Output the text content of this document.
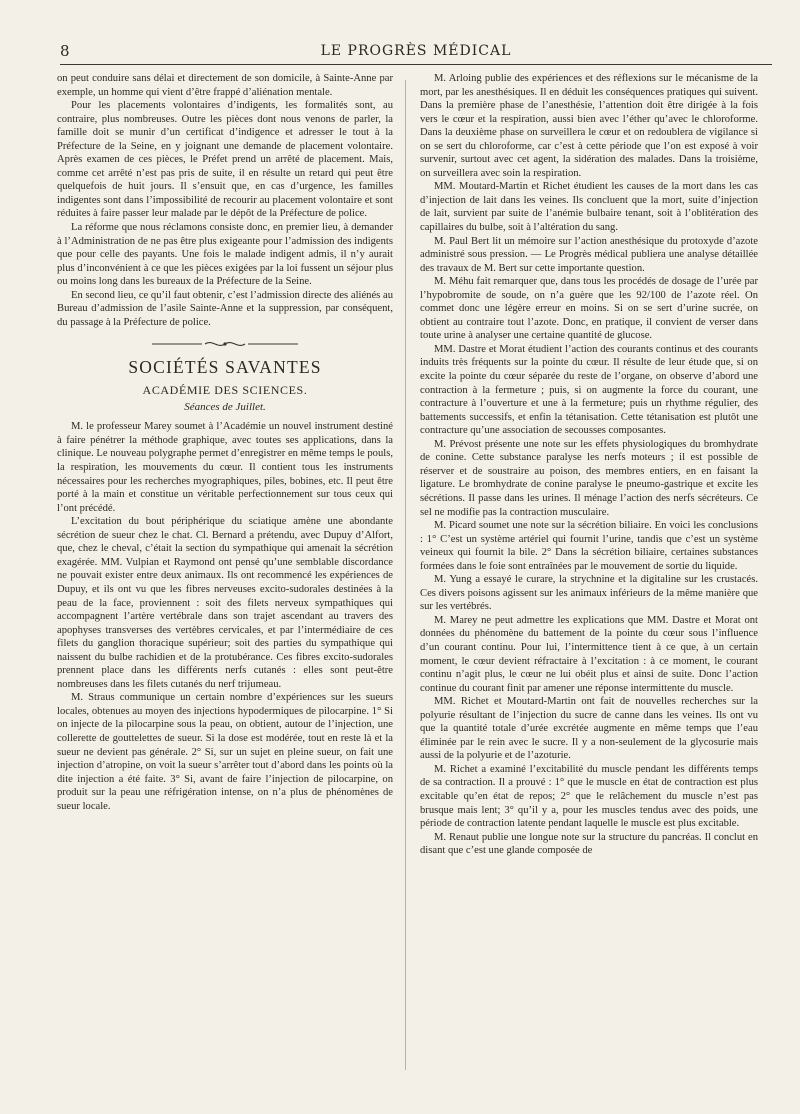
8	LE PROGRÈS MÉDICAL

on peut conduire sans délai et directement de son domicile, à Sainte-Anne par exemple, un homme qui vient d’être frappé d’aliénation mentale.

Pour les placements volontaires d’indigents, les formalités sont, au contraire, plus nombreuses. Outre les pièces dont nous venons de parler, la famille doit se munir d’un certificat d’indigence et adresser le tout à la Préfecture de la Seine, en y joignant une demande de placement volontaire. Après examen de ces pièces, le Préfet prend un arrêté de placement. Mais, comme cet arrêté n’est pas pris de suite, il en résulte un retard qui peut être quelquefois de huit jours. Il s’ensuit que, en cas d’urgence, les familles indigentes sont dans l’impossibilité de recourir au placement volontaire et sont réduites à faire passer leur malade par le dépôt de la Préfecture de police.

La réforme que nous réclamons consiste donc, en premier lieu, à demander à l’Administration de ne pas être plus exigeante pour l’admission des indigents que pour celle des payants. Une fois le malade indigent admis, il n’y aurait plus d’inconvénient à ce que les pièces exigées par la loi fussent un séjour plus ou moins long dans les bureaux de la Préfecture de la Seine.

En second lieu, ce qu’il faut obtenir, c’est l’admission directe des aliénés au Bureau d’admission de l’asile Sainte-Anne et la suppression, par conséquent, du passage à la Préfecture de police.

SOCIÉTÉS SAVANTES
ACADÉMIE DES SCIENCES.
Séances de Juillet.

M. le professeur Marey soumet à l’Académie un nouvel instrument destiné à faire pénétrer la méthode graphique, avec toutes ses applications, dans la clinique. Le nouveau polygraphe permet d’enregistrer en même temps le pouls, la respiration, les mouvements du cœur. Il contient tous les instruments nécessaires pour les recherches myographiques, piles, bobines, etc. Il peut être porté à la main et constitue un véritable perfectionnement sur tous ceux qui l’ont précédé.

L’excitation du bout périphérique du sciatique amène une abondante sécrétion de sueur chez le chat. Cl. Bernard a prétendu, avec Dupuy d’Alfort, que, chez le cheval, c’était la section du sympathique qui amenait la sécrétion exagérée. MM. Vulpian et Raymond ont pensé qu’une semblable discordance ne pouvait exister entre deux animaux. Ils ont recommencé les expériences de Dupuy, et ils ont vu que les fibres nerveuses excito-sudorales destinées à la peau de la face, proviennent : soit des filets nerveux sympathiques qui accompagnent l’artère vertébrale dans son trajet ascendant au travers des apophyses transverses des vertèbres cervicales, et par l’intermédiaire de ces filets du ganglion thoracique supérieur; soit des parties du sympathique qui naissent du bulbe rachidien et de la protubérance. Ces fibres excito-sudorales prennent place dans les différents nerfs cutanés : elles sont peut-être nombreuses dans les filets cutanés du nerf trijumeau.

M. Straus communique un certain nombre d’expériences sur les sueurs locales, obtenues au moyen des injections hypodermiques de pilocarpine. 1° Si on injecte de la pilocarpine sous la peau, on obtient, autour de l’injection, une collerette de gouttelettes de sueur. Si la dose est modérée, tout en reste là et la sueur ne devient pas générale. 2° Si, sur un sujet en pleine sueur, on fait une injection d’atropine, on voit la sueur s’arrêter tout d’abord dans les points où la dite injection a été faite. 3° Si, avant de faire l’injection de pilocarpine, on produit sur la peau une réfrigération intense, on n’a plus de phénomènes de sueur locale.

M. Arloing publie des expériences et des réflexions sur le mécanisme de la mort, par les anesthésiques. Il en déduit les conséquences pratiques qui suivent. Dans la première phase de l’anesthésie, l’attention doit être dirigée à la fois vers le cœur et la respiration, aussi bien avec l’éther qu’avec le chloroforme. Dans la deuxième phase on surveillera le cœur et on redoublera de vigilance si on se sert du chloroforme, car c’est à cette période que l’on est exposé à voir survenir, surtout avec cet agent, la sidération des malades. Dans la troisième, on surveillera avec soin la respiration.

MM. Moutard-Martin et Richet étudient les causes de la mort dans les cas d’injection de lait dans les veines. Ils concluent que la mort, suite d’injection de lait, survient par suite de l’anémie bulbaire tenant, soit à l’oblitération des capillaires du bulbe, soit à l’altération du sang.

M. Paul Bert lit un mémoire sur l’action anesthésique du protoxyde d’azote administré sous pression. — Le Progrès médical publiera une analyse détaillée des travaux de M. Bert sur cette importante question.

M. Méhu fait remarquer que, dans tous les procédés de dosage de l’urée par l’hypobromite de soude, on n’a guère que les 92/100 de l’azote réel. On commet donc une légère erreur en moins. Si on se sert d’urine sucrée, on obtient au contraire tout l’azote. Donc, en pratique, il convient de verser dans toute urine à analyser une certaine quantité de glucose.

MM. Dastre et Morat étudient l’action des courants continus et des courants induits très fréquents sur la pointe du cœur. Il résulte de leur étude que, si on excite la pointe du cœur séparée du reste de l’organe, on observe d’abord une contraction à la fermeture ; puis, si on augmente la force du courant, une contracture à l’ouverture et une à la fermeture; puis un rhythme régulier, des battements successifs, et enfin la tétanisation. Cette tétanisation est plutôt une contracture qu’une association de secousses composantes.

M. Prévost présente une note sur les effets physiologiques du bromhydrate de conine. Cette substance paralyse les nerfs moteurs ; il est possible de réserver et de soustraire au poison, des membres entiers, en en faisant la ligature. Le bromhydrate de conine paralyse le pneumo-gastrique et excite les sécrétions. Il passe dans les urines. Il ménage l’action des nerfs sécréteurs. Ce sel ne modifie pas la contraction musculaire.

M. Picard soumet une note sur la sécrétion biliaire. En voici les conclusions : 1° C’est un système artériel qui fournit l’urine, tandis que c’est un système veineux qui fournit la bile. 2° Dans la sécrétion biliaire, certaines substances formées dans le foie sont entraînées par le mouvement de sortie du liquide.

M. Yung a essayé le curare, la strychnine et la digitaline sur les crustacés. Ces divers poisons agissent sur les animaux inférieurs de la même manière que sur les vertébrés.

M. Marey ne peut admettre les explications que MM. Dastre et Morat ont données du phénomène du battement de la pointe du cœur sous l’influence d’un courant continu. Pour lui, l’intermittence tient à ce que, à un certain moment, le cœur devient réfractaire à l’excitation : à ce moment, le courant continu n’agit plus, le cœur ne lui obéit plus et ainsi de suite. Donc l’action continue du courant finit par amener une réponse intermittente du muscle.

MM. Richet et Moutard-Martin ont fait de nouvelles recherches sur la polyurie résultant de l’injection du sucre de canne dans les veines. Ils ont vu que la quantité totale d’urée excrétée augmente en même temps que l’eau éliminée par le rein avec le sucre. Il y a non-seulement de la glycosurie mais aussi de la polyurie et de l’azoturie.

M. Richet a examiné l’excitabilité du muscle pendant les différents temps de sa contraction. Il a prouvé : 1° que le muscle en état de contraction est plus excitable qu’en état de repos; 2° que le relâchement du muscle n’est pas brusque mais lent; 3° qu’il y a, pour les muscles tendus avec des poids, une période de contraction latente pendant laquelle le muscle est plus excitable.

M. Renaut publie une longue note sur la structure du pancréas. Il conclut en disant que c’est une glande composée de
